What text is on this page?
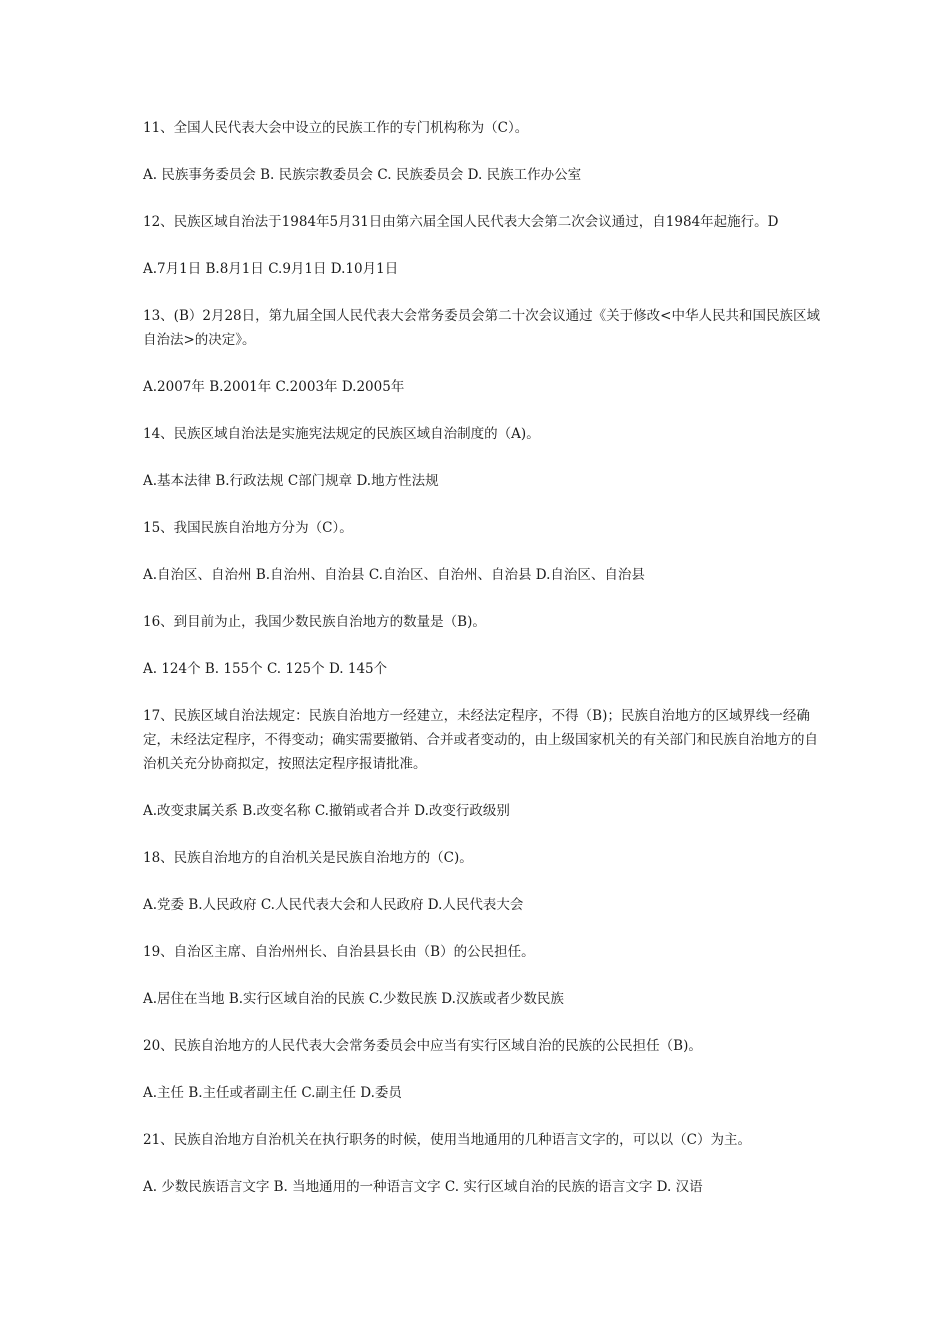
11、全国人民代表大会中设立的民族工作的专门机构称为（C）。

A. 民族事务委员会 B. 民族宗教委员会 C. 民族委员会 D. 民族工作办公室

12、民族区域自治法于1984年5月31日由第六届全国人民代表大会第二次会议通过，自1984年起施行。D

A.7月1日 B.8月1日 C.9月1日 D.10月1日

13、(B）2月28日，第九届全国人民代表大会常务委员会第二十次会议通过《关于修改<中华人民共和国民族区域自治法>的决定》。

A.2007年 B.2001年 C.2003年 D.2005年

14、民族区域自治法是实施宪法规定的民族区域自治制度的（A)。

A.基本法律 B.行政法规 C部门规章 D.地方性法规

15、我国民族自治地方分为（C）。

A.自治区、自治州 B.自治州、自治县 C.自治区、自治州、自治县 D.自治区、自治县

16、到目前为止，我国少数民族自治地方的数量是（B)。

A. 124个 B. 155个 C. 125个 D. 145个

17、民族区域自治法规定：民族自治地方一经建立，未经法定程序，不得（B)；民族自治地方的区域界线一经确定，未经法定程序，不得变动；确实需要撤销、合并或者变动的，由上级国家机关的有关部门和民族自治地方的自治机关充分协商拟定，按照法定程序报请批准。

A.改变隶属关系 B.改变名称 C.撤销或者合并 D.改变行政级别

18、民族自治地方的自治机关是民族自治地方的（C)。

A.党委 B.人民政府 C.人民代表大会和人民政府 D.人民代表大会

19、自治区主席、自治州州长、自治县县长由（B）的公民担任。

A.居住在当地 B.实行区域自治的民族 C.少数民族 D.汉族或者少数民族

20、民族自治地方的人民代表大会常务委员会中应当有实行区域自治的民族的公民担任（B)。

A.主任 B.主任或者副主任 C.副主任 D.委员

21、民族自治地方自治机关在执行职务的时候，使用当地通用的几种语言文字的，可以以（C）为主。

A. 少数民族语言文字 B. 当地通用的一种语言文字 C. 实行区域自治的民族的语言文字 D. 汉语
